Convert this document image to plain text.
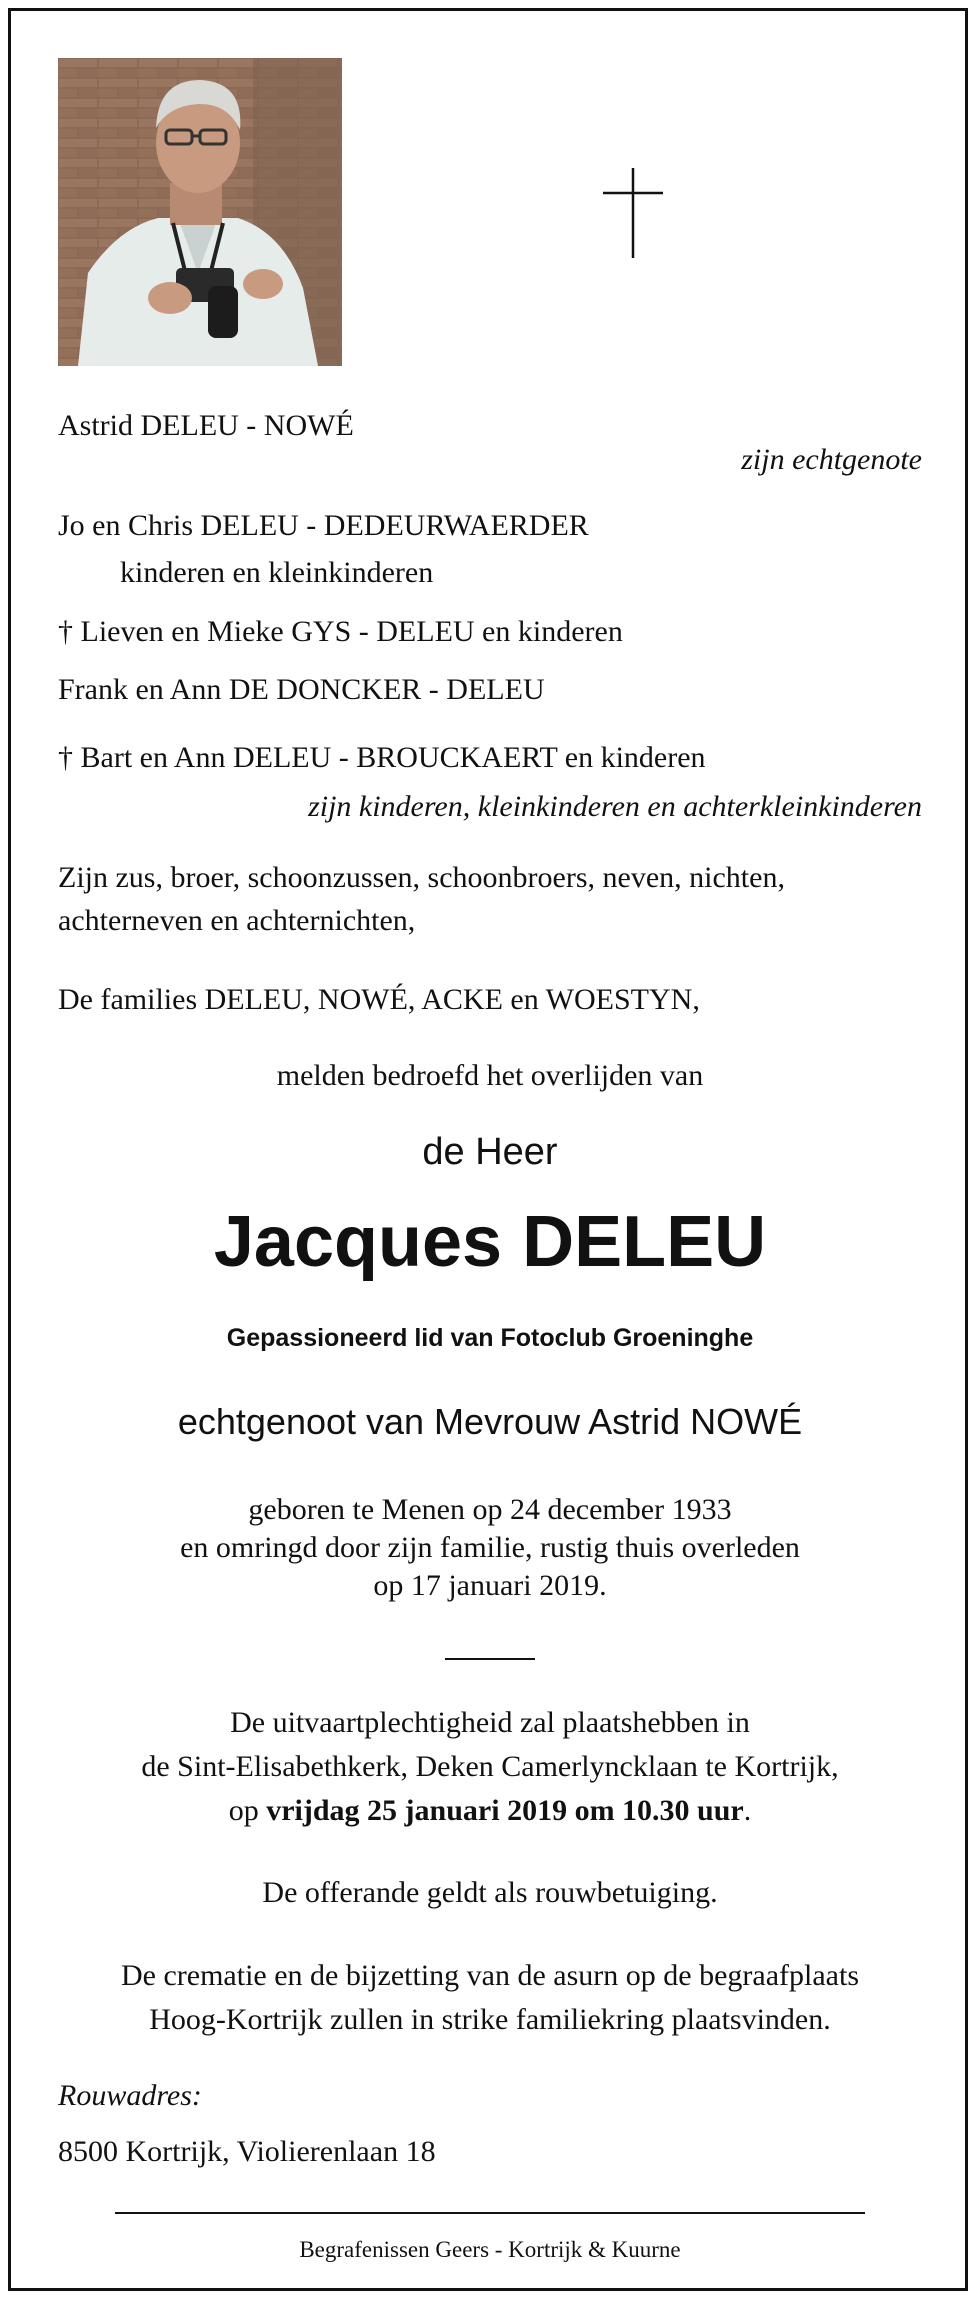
Astrid DELEU - NOWÉ
zijn echtgenote
Jo en Chris DELEU - DEDEURWAERDER
kinderen en kleinkinderen
† Lieven en Mieke GYS - DELEU en kinderen
Frank en Ann DE DONCKER - DELEU
† Bart en Ann DELEU - BROUCKAERT en kinderen
zijn kinderen, kleinkinderen en achterkleinkinderen
Zijn zus, broer, schoonzussen, schoonbroers, neven, nichten,
achterneven en achternichten,
De families DELEU, NOWÉ, ACKE en WOESTYN,
melden bedroefd het overlijden van
de Heer
Jacques DELEU
Gepassioneerd lid van Fotoclub Groeninghe
echtgenoot van Mevrouw Astrid NOWÉ
geboren te Menen op 24 december 1933
en omringd door zijn familie, rustig thuis overleden
op 17 januari 2019.
De uitvaartplechtigheid zal plaatshebben in
de Sint-Elisabethkerk, Deken Camerlyncklaan te Kortrijk,
op vrijdag 25 januari 2019 om 10.30 uur.
De offerande geldt als rouwbetuiging.
De crematie en de bijzetting van de asurn op de begraafplaats
Hoog-Kortrijk zullen in strike familiekring plaatsvinden.
Rouwadres:
8500 Kortrijk, Violierenlaan 18
Begrafenissen Geers - Kortrijk & Kuurne
